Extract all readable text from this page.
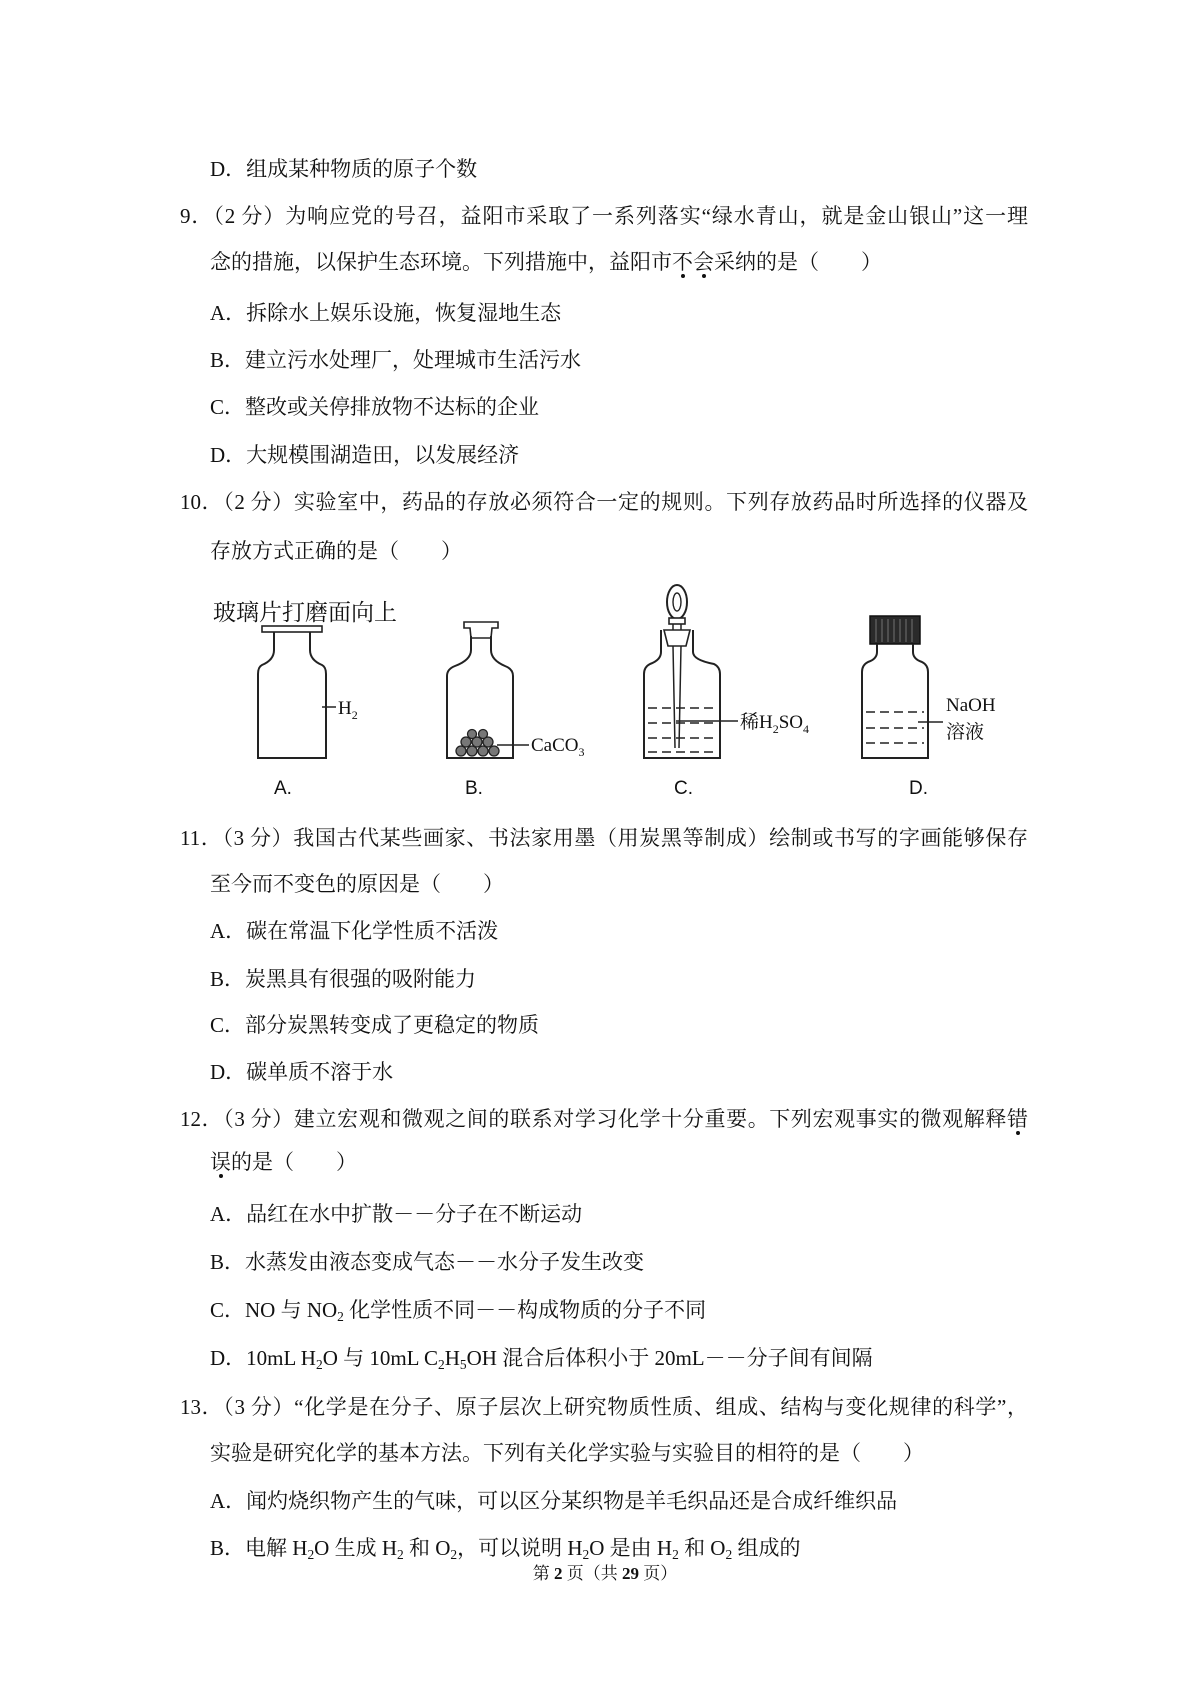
D．组成某种物质的原子个数
9．（2 分）为响应党的号召，益阳市采取了一系列落实“绿水青山，就是金山银山”这一理
念的措施，以保护生态环境。下列措施中，益阳市不会采纳的是（　　）
A．拆除水上娱乐设施，恢复湿地生态
B．建立污水处理厂，处理城市生活污水
C．整改或关停排放物不达标的企业
D．大规模围湖造田，以发展经济
10．（2 分）实验室中，药品的存放必须符合一定的规则。下列存放药品时所选择的仪器及
存放方式正确的是（　　）
玻璃片打磨面向上
$H_2$
CaCO$_3$
稀$H_2SO_4$
NaOH
溶液
A.	B.	C.	D.
11．（3 分）我国古代某些画家、书法家用墨（用炭黑等制成）绘制或书写的字画能够保存
至今而不变色的原因是（　　）
A．碳在常温下化学性质不活泼
B．炭黑具有很强的吸附能力
C．部分炭黑转变成了更稳定的物质
D．碳单质不溶于水
12．（3 分）建立宏观和微观之间的联系对学习化学十分重要。下列宏观事实的微观解释错
误的是（　　）
A．品红在水中扩散－－分子在不断运动
B．水蒸发由液态变成气态－－水分子发生改变
C．NO 与 $NO_2$ 化学性质不同－－构成物质的分子不同
D．10mL $H_2O$ 与 10mL $C_2H_5OH$ 混合后体积小于 20mL－－分子间有间隔
13．（3 分）“化学是在分子、原子层次上研究物质性质、组成、结构与变化规律的科学”，
实验是研究化学的基本方法。下列有关化学实验与实验目的相符的是（　　）
A．闻灼烧织物产生的气味，可以区分某织物是羊毛织品还是合成纤维织品
B．电解 $H_2O$ 生成 $H_2$ 和 $O_2$，可以说明 $H_2O$ 是由 $H_2$ 和 $O_2$ 组成的
第 2 页（共 29 页）
